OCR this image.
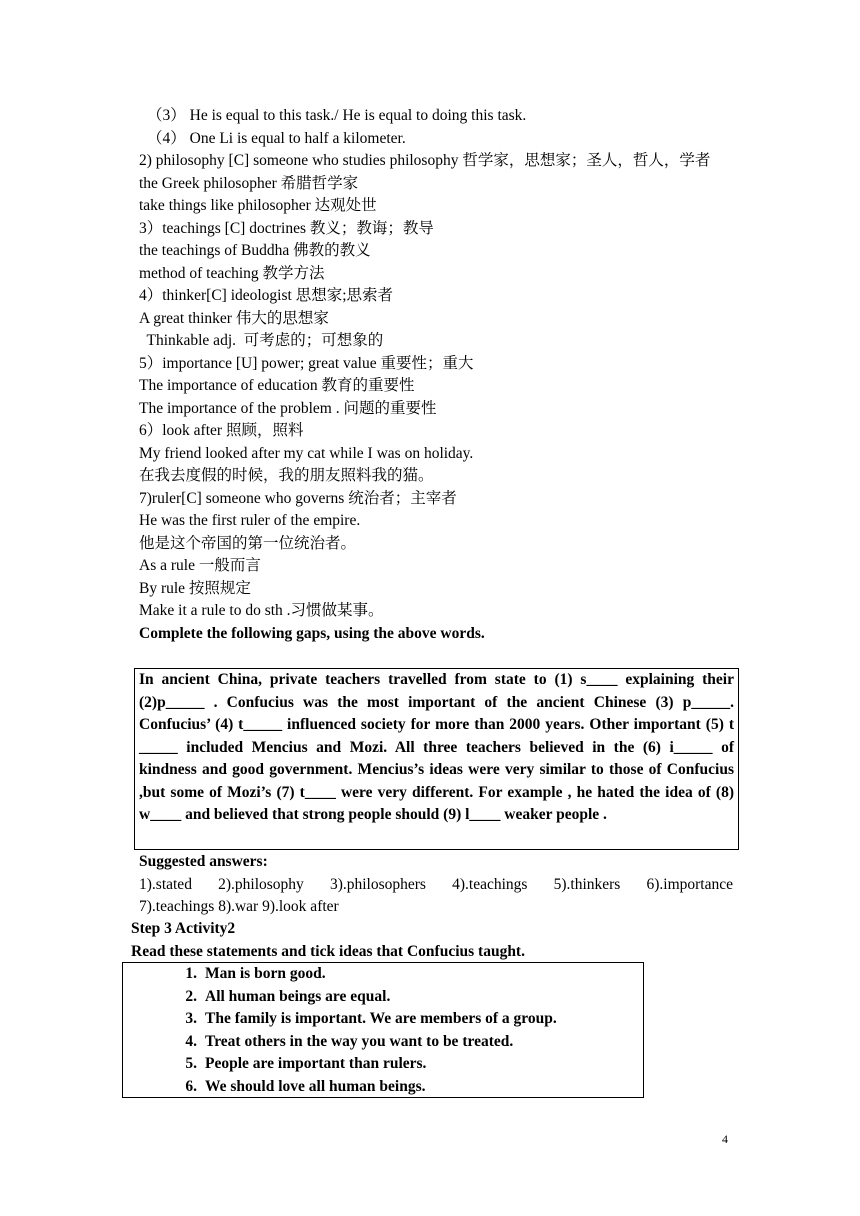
（3） He is equal to this task./ He is equal to doing this task.
（4） One Li is equal to half a kilometer.
2) philosophy [C] someone who studies philosophy 哲学家，思想家；圣人，哲人，学者
the Greek philosopher 希腊哲学家
take things like philosopher 达观处世
3）teachings [C] doctrines 教义；教诲；教导
the teachings of Buddha 佛教的教义
method of teaching 教学方法
4）thinker[C] ideologist 思想家;思索者
A great thinker 伟大的思想家
Thinkable adj.  可考虑的；可想象的
5）importance [U] power; great value 重要性；重大
The importance of education 教育的重要性
The importance of the problem . 问题的重要性
6）look after 照顾，照料
My friend looked after my cat while I was on holiday.
在我去度假的时候，我的朋友照料我的猫。
7)ruler[C] someone who governs 统治者；主宰者
He was the first ruler of the empire.
他是这个帝国的第一位统治者。
As a rule 一般而言
By rule 按照规定
Make it a rule to do sth .习惯做某事。
Complete the following gaps, using the above words.
In ancient China, private teachers travelled from state to (1) s____ explaining their (2)p_____ . Confucius was the most important of the ancient Chinese (3) p_____. Confucius’ (4) t_____ influenced society for more than 2000 years. Other important (5) t _____ included Mencius and Mozi. All three teachers believed in the (6) i_____ of kindness and good government. Mencius’s ideas were very similar to those of Confucius ,but some of Mozi’s (7) t____ were very different. For example , he hated the idea of (8) w____ and believed that strong people should (9) l____ weaker people .
Suggested answers:
1).stated 2).philosophy 3).philosophers 4).teachings 5).thinkers 6).importance
7).teachings 8).war 9).look after
Step 3 Activity2
Read these statements and tick ideas that Confucius taught.
1. Man is born good.
2. All human beings are equal.
3. The family is important. We are members of a group.
4. Treat others in the way you want to be treated.
5. People are important than rulers.
6. We should love all human beings.
4
